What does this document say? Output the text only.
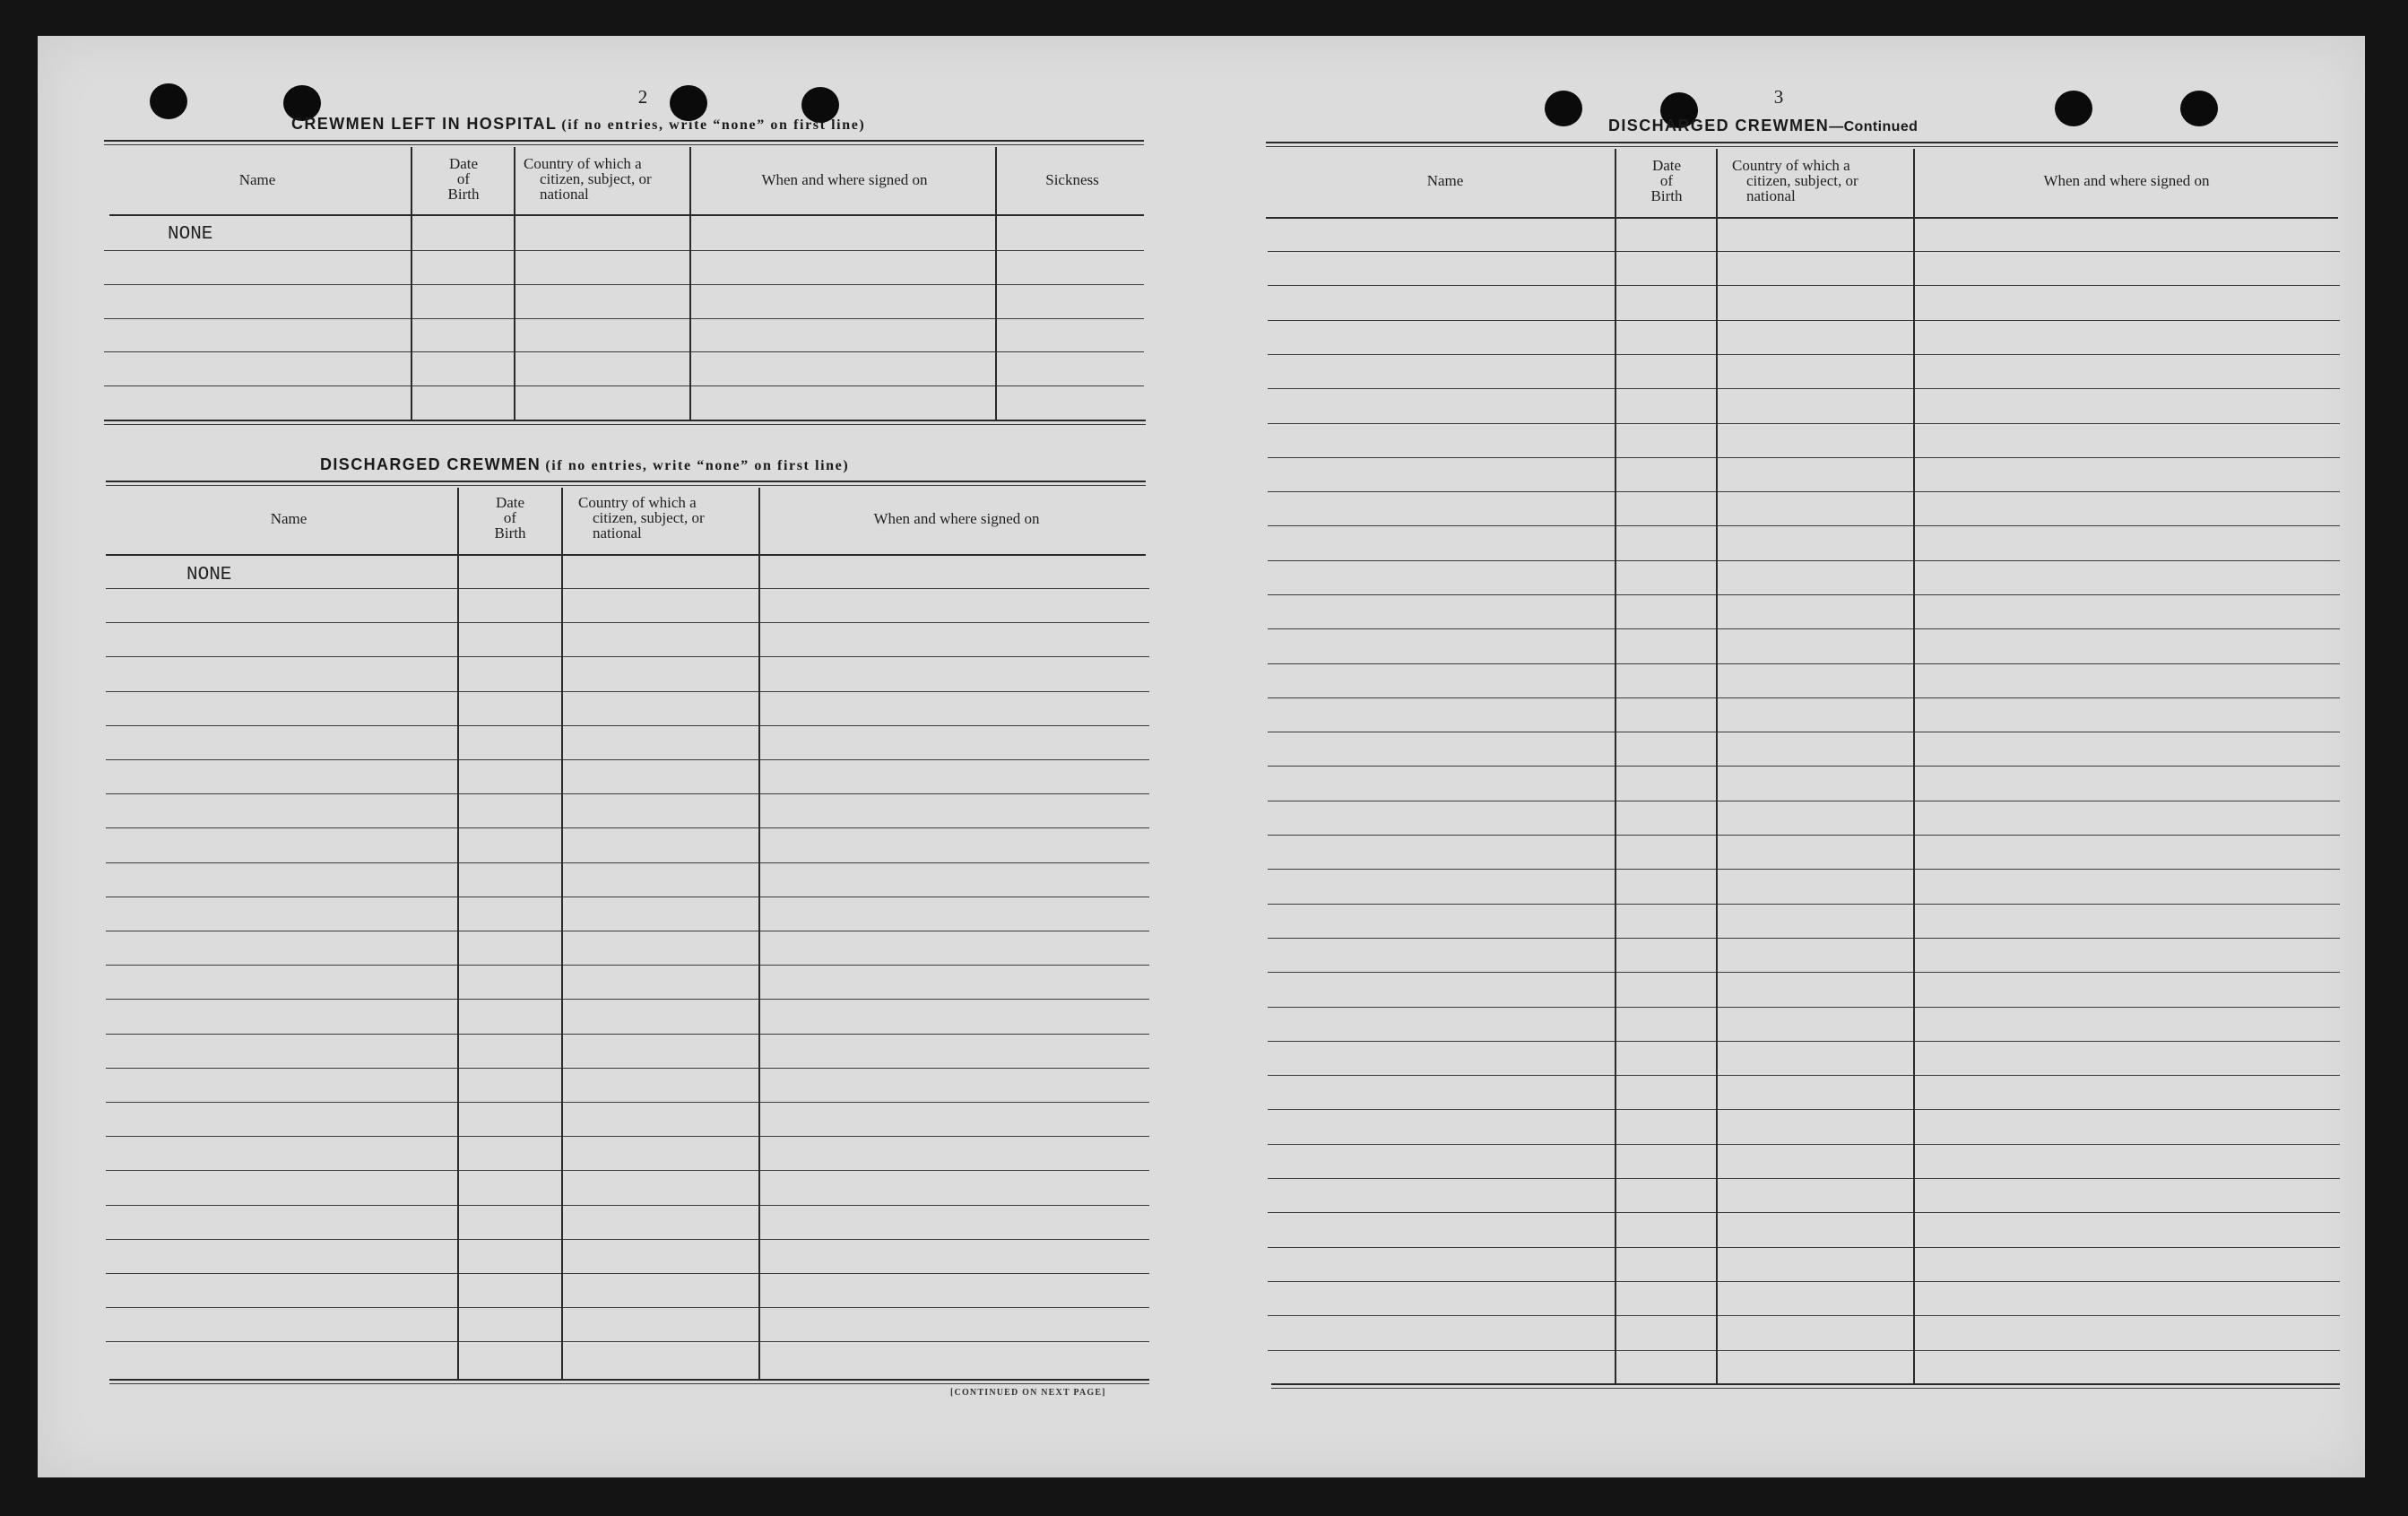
2
CREWMEN LEFT IN HOSPITAL (if no entries, write “none” on first line)
Name
Date
of
Birth
Country of which a
citizen, subject, or
national
When and where signed on	Sickness
NONE
DISCHARGED CREWMEN (if no entries, write “none” on first line)
Name
Date
of
Birth
Country of which a
citizen, subject, or
national
When and where signed on
NONE
[CONTINUED ON NEXT PAGE]
3
DISCHARGED CREWMEN—Continued
Name
Date
of
Birth
Country of which a
citizen, subject, or
national
When and where signed on
